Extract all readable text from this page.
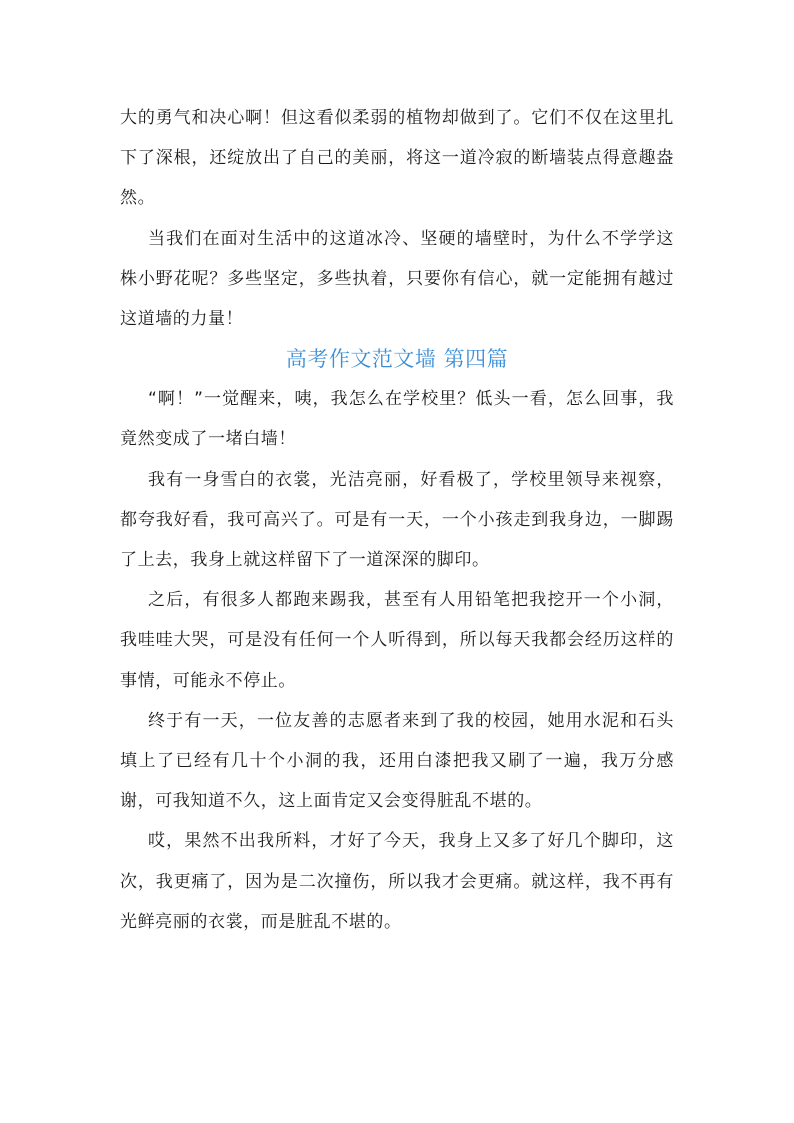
大的勇气和决心啊！但这看似柔弱的植物却做到了。它们不仅在这里扎下了深根，还绽放出了自己的美丽，将这一道冷寂的断墙装点得意趣盎然。

当我们在面对生活中的这道冰冷、坚硬的墙壁时，为什么不学学这株小野花呢？多些坚定，多些执着，只要你有信心，就一定能拥有越过这道墙的力量！

高考作文范文墙 第四篇

“啊！”一觉醒来，咦，我怎么在学校里？低头一看，怎么回事，我竟然变成了一堵白墙！

我有一身雪白的衣裳，光洁亮丽，好看极了，学校里领导来视察，都夸我好看，我可高兴了。可是有一天，一个小孩走到我身边，一脚踢了上去，我身上就这样留下了一道深深的脚印。

之后，有很多人都跑来踢我，甚至有人用铅笔把我挖开一个小洞，我哇哇大哭，可是没有任何一个人听得到，所以每天我都会经历这样的事情，可能永不停止。

终于有一天，一位友善的志愿者来到了我的校园，她用水泥和石头填上了已经有几十个小洞的我，还用白漆把我又刷了一遍，我万分感谢，可我知道不久，这上面肯定又会变得脏乱不堪的。

哎，果然不出我所料，才好了今天，我身上又多了好几个脚印，这次，我更痛了，因为是二次撞伤，所以我才会更痛。就这样，我不再有光鲜亮丽的衣裳，而是脏乱不堪的。
